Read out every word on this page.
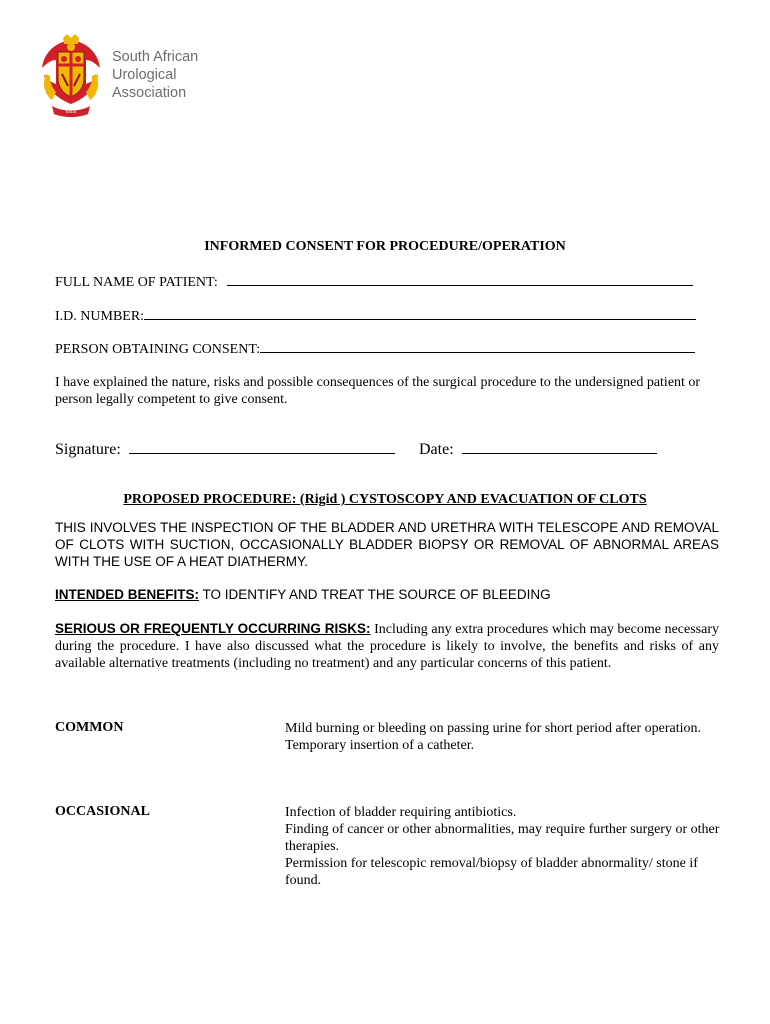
SAUA
South African
Urological
Association
INFORMED CONSENT FOR PROCEDURE/OPERATION
FULL NAME OF PATIENT:
I.D. NUMBER:
PERSON OBTAINING CONSENT:
I have explained the nature, risks and possible consequences of the surgical procedure to the undersigned patient or person legally competent to give consent.
Signature:	Date:
PROPOSED PROCEDURE: (Rigid ) CYSTOSCOPY AND EVACUATION OF CLOTS
THIS INVOLVES THE INSPECTION OF THE BLADDER AND URETHRA WITH TELESCOPE AND REMOVAL OF CLOTS WITH SUCTION, OCCASIONALLY BLADDER BIOPSY OR REMOVAL OF ABNORMAL AREAS WITH THE USE OF A HEAT DIATHERMY.
INTENDED BENEFITS: TO IDENTIFY AND TREAT THE SOURCE OF BLEEDING
SERIOUS OR FREQUENTLY OCCURRING RISKS: Including any extra procedures which may become necessary during the procedure. I have also discussed what the procedure is likely to involve, the benefits and risks of any available alternative treatments (including no treatment) and any particular concerns of this patient.
COMMON	Mild burning or bleeding on passing urine for short period after operation.
Temporary insertion of a catheter.
OCCASIONAL	Infection of bladder requiring antibiotics.
Finding of cancer or other abnormalities, may require further surgery or other therapies.
Permission for telescopic removal/biopsy of bladder abnormality/ stone if found.
